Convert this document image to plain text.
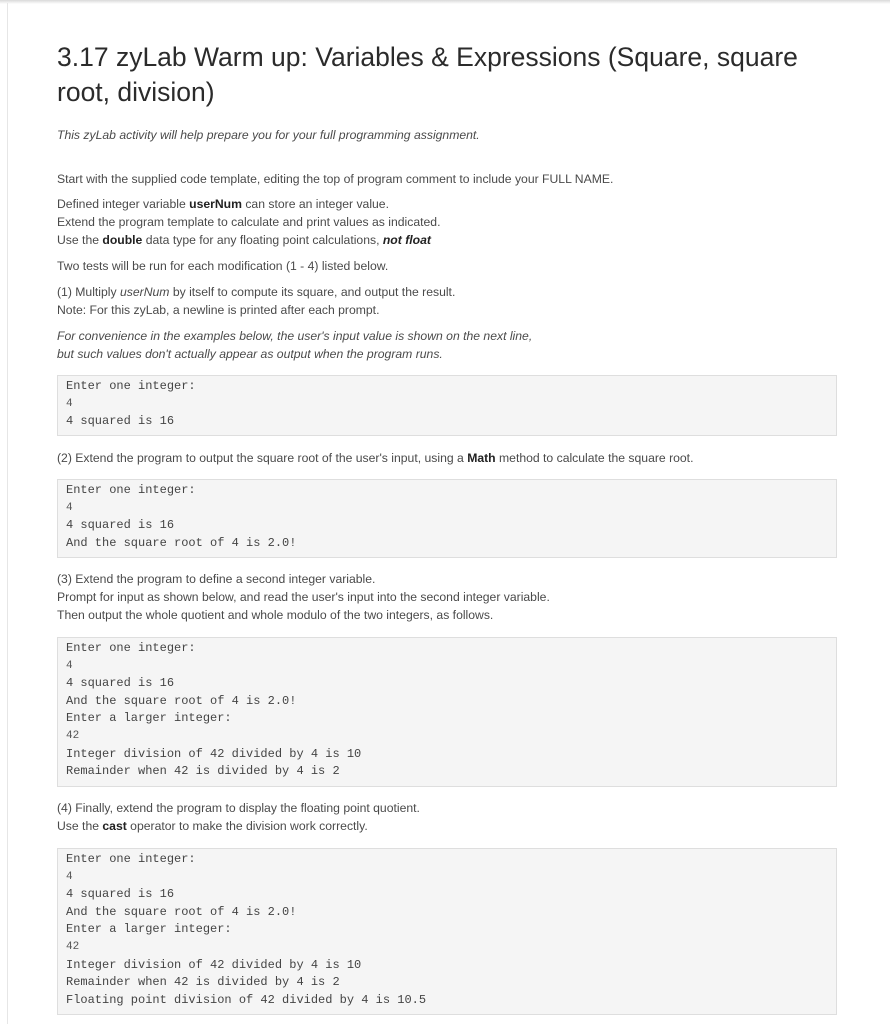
3.17 zyLab Warm up: Variables & Expressions (Square, square root, division)
This zyLab activity will help prepare you for your full programming assignment.
Start with the supplied code template, editing the top of program comment to include your FULL NAME.
Defined integer variable userNum can store an integer value.
Extend the program template to calculate and print values as indicated.
Use the double data type for any floating point calculations, not float
Two tests will be run for each modification (1 - 4) listed below.
(1) Multiply userNum by itself to compute its square, and output the result.
Note: For this zyLab, a newline is printed after each prompt.
For convenience in the examples below, the user's input value is shown on the next line,
but such values don't actually appear as output when the program runs.
Enter one integer:
4
4 squared is 16
(2) Extend the program to output the square root of the user's input, using a Math method to calculate the square root.
Enter one integer:
4
4 squared is 16
And the square root of 4 is 2.0!
(3) Extend the program to define a second integer variable.
Prompt for input as shown below, and read the user's input into the second integer variable.
Then output the whole quotient and whole modulo of the two integers, as follows.
Enter one integer:
4
4 squared is 16
And the square root of 4 is 2.0!
Enter a larger integer:
42
Integer division of 42 divided by 4 is 10
Remainder when 42 is divided by 4 is 2
(4) Finally, extend the program to display the floating point quotient.
Use the cast operator to make the division work correctly.
Enter one integer:
4
4 squared is 16
And the square root of 4 is 2.0!
Enter a larger integer:
42
Integer division of 42 divided by 4 is 10
Remainder when 42 is divided by 4 is 2
Floating point division of 42 divided by 4 is 10.5
